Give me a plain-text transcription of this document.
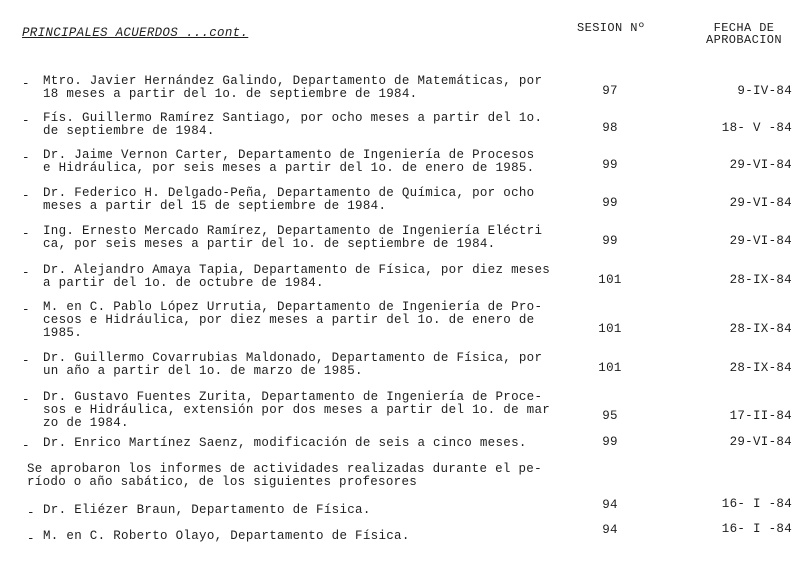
PRINCIPALES ACUERDOS ...cont.	SESION Nº	FECHA DE
APROBACION
- Mtro. Javier Hernández Galindo, Departamento de Matemáticas, por
18 meses a partir del 1o. de septiembre de 1984.	97	9-IV-84
- Fís. Guillermo Ramírez Santiago, por ocho meses a partir del 1o.
de septiembre de 1984.	98	18- V -84
- Dr. Jaime Vernon Carter, Departamento de Ingeniería de Procesos
e Hidráulica, por seis meses a partir del 1o. de enero de 1985.	99	29-VI-84
- Dr. Federico H. Delgado-Peña, Departamento de Química, por ocho
meses a partir del 15 de septiembre de 1984.	99	29-VI-84
- Ing. Ernesto Mercado Ramírez, Departamento de Ingeniería Eléctri
ca, por seis meses a partir del 1o. de septiembre de 1984.	99	29-VI-84
- Dr. Alejandro Amaya Tapia, Departamento de Física, por diez meses
a partir del 1o. de octubre de 1984.	101	28-IX-84
- M. en C. Pablo López Urrutia, Departamento de Ingeniería de Pro-
cesos e Hidráulica, por diez meses a partir del 1o. de enero de
1985.	101	28-IX-84
- Dr. Guillermo Covarrubias Maldonado, Departamento de Física, por
un año a partir del 1o. de marzo de 1985.	101	28-IX-84
- Dr. Gustavo Fuentes Zurita, Departamento de Ingeniería de Proce-
sos e Hidráulica, extensión por dos meses a partir del 1o. de mar
zo de 1984.	95	17-II-84
- Dr. Enrico Martínez Saenz, modificación de seis a cinco meses.	99	29-VI-84
Se aprobaron los informes de actividades realizadas durante el pe-
ríodo o año sabático, de los siguientes profesores
- Dr. Eliézer Braun, Departamento de Física.	94	16- I -84
- M. en C. Roberto Olayo, Departamento de Física.	94	16- I -84
